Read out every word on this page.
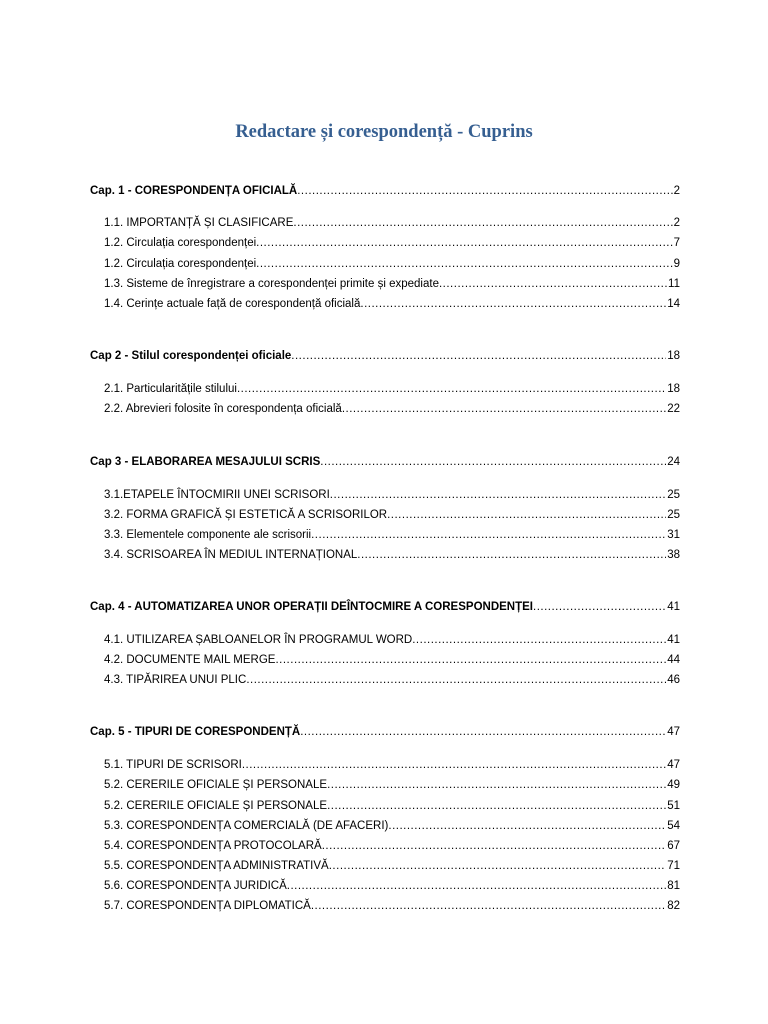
Redactare și corespondență - Cuprins
Cap. 1 - CORESPONDENȚA OFICIALĂ .....	2
1.1. IMPORTANȚĂ ȘI CLASIFICARE .....	2
1.2. Circulația corespondenței .....	7
1.2. Circulația corespondenței .....	9
1.3. Sisteme de înregistrare a corespondenței primite și expediate .....	11
1.4. Cerințe actuale față de corespondență oficială .....	14
Cap 2 - Stilul corespondenței oficiale .....	18
2.1. Particularitățile stilului .....	18
2.2. Abrevieri folosite în corespondența oficială .....	22
Cap 3 - ELABORAREA MESAJULUI SCRIS .....	24
3.1.ETAPELE ÎNTOCMIRII UNEI SCRISORI .....	25
3.2. FORMA GRAFICĂ ȘI ESTETICĂ A SCRISORILOR .....	25
3.3. Elementele componente ale scrisorii .....	31
3.4. SCRISOAREA ÎN MEDIUL INTERNAȚIONAL .....	38
Cap. 4 - AUTOMATIZAREA UNOR OPERAȚII DEÎNTOCMIRE A CORESPONDENȚEI .....	41
4.1. UTILIZAREA ȘABLOANELOR ÎN PROGRAMUL WORD .....	41
4.2. DOCUMENTE MAIL MERGE .....	44
4.3. TIPĂRIREA UNUI PLIC .....	46
Cap. 5 - TIPURI DE CORESPONDENȚĂ .....	47
5.1. TIPURI DE SCRISORI .....	47
5.2. CERERILE OFICIALE ȘI PERSONALE .....	49
5.2. CERERILE OFICIALE ȘI PERSONALE .....	51
5.3. CORESPONDENȚA COMERCIALĂ (DE AFACERI) .....	54
5.4. CORESPONDENȚA PROTOCOLARĂ .....	67
5.5. CORESPONDENȚA ADMINISTRATIVĂ .....	71
5.6. CORESPONDENȚA JURIDICĂ .....	81
5.7. CORESPONDENȚA DIPLOMATICĂ .....	82
